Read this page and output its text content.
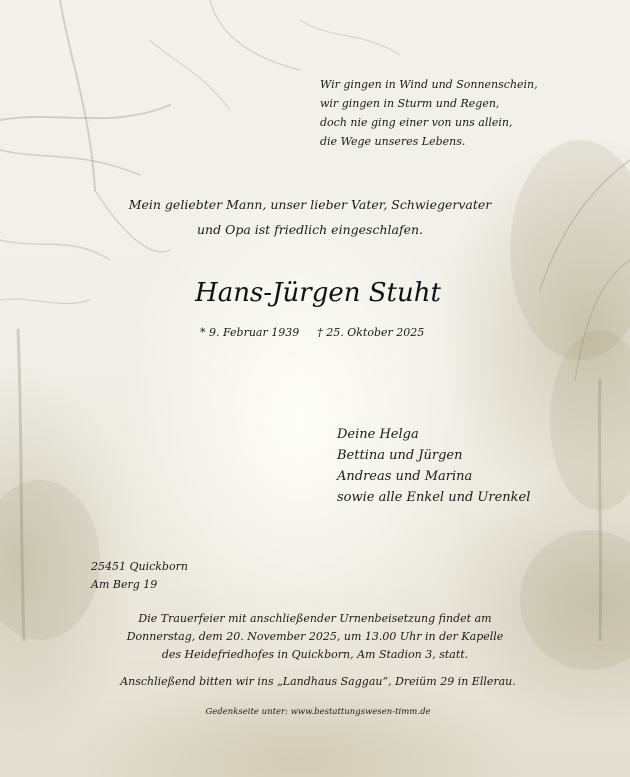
Wir gingen in Wind und Sonnenschein,
wir gingen in Sturm und Regen,
doch nie ging einer von uns allein,
die Wege unseres Lebens.
Mein geliebter Mann, unser lieber Vater, Schwiegervater
und Opa ist friedlich eingeschlafen.
Hans-Jürgen Stuht
* 9. Februar 1939 † 25. Oktober 2025
Deine Helga
Bettina und Jürgen
Andreas und Marina
sowie alle Enkel und Urenkel
25451 Quickborn
Am Berg 19
Die Trauerfeier mit anschließender Urnenbeisetzung findet am
Donnerstag, dem 20. November 2025, um 13.00 Uhr in der Kapelle
des Heidefriedhofes in Quickborn, Am Stadion 3, statt.
Anschließend bitten wir ins „Landhaus Saggau“, Dreiüm 29 in Ellerau.
Gedenkseite unter: www.bestattungswesen-timm.de
